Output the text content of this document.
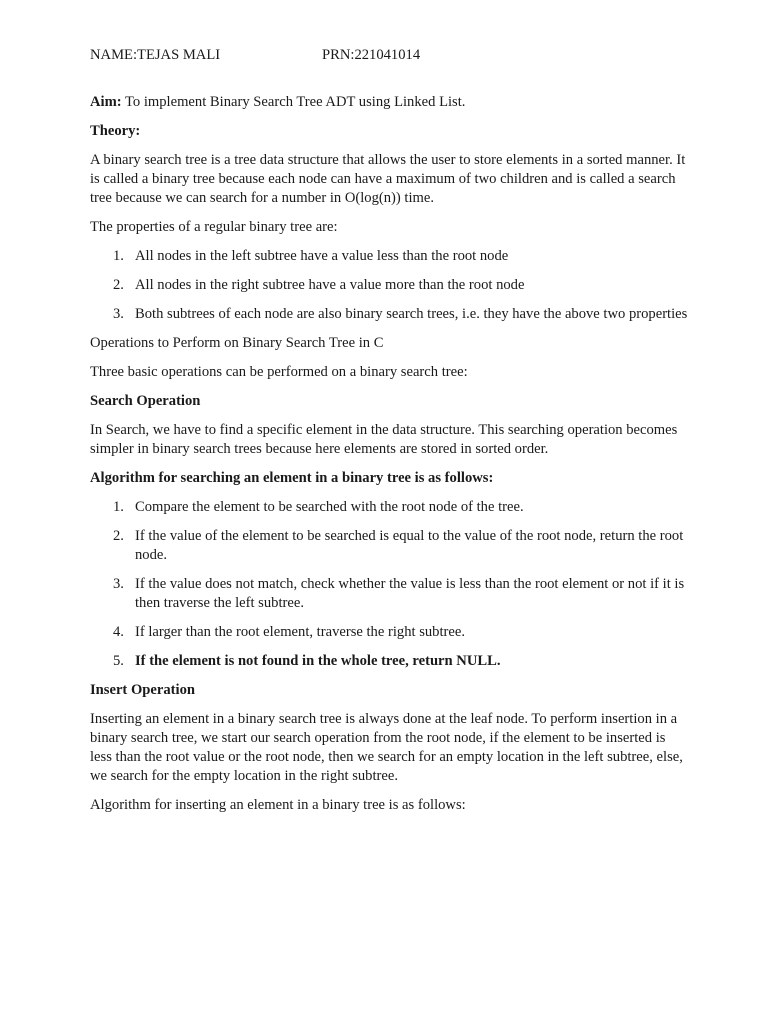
NAME:TEJAS MALI	PRN:221041014

Aim: To implement Binary Search Tree ADT using Linked List.

Theory:

A binary search tree is a tree data structure that allows the user to store elements in a sorted manner. It is called a binary tree because each node can have a maximum of two children and is called a search tree because we can search for a number in O(log(n)) time.

The properties of a regular binary tree are:

1. All nodes in the left subtree have a value less than the root node
2. All nodes in the right subtree have a value more than the root node
3. Both subtrees of each node are also binary search trees, i.e. they have the above two properties

Operations to Perform on Binary Search Tree in C

Three basic operations can be performed on a binary search tree:

Search Operation

In Search, we have to find a specific element in the data structure. This searching operation becomes simpler in binary search trees because here elements are stored in sorted order.

Algorithm for searching an element in a binary tree is as follows:

1. Compare the element to be searched with the root node of the tree.
2. If the value of the element to be searched is equal to the value of the root node, return the root node.
3. If the value does not match, check whether the value is less than the root element or not if it is then traverse the left subtree.
4. If larger than the root element, traverse the right subtree.
5. If the element is not found in the whole tree, return NULL.

Insert Operation

Inserting an element in a binary search tree is always done at the leaf node. To perform insertion in a binary search tree, we start our search operation from the root node, if the element to be inserted is less than the root value or the root node, then we search for an empty location in the left subtree, else, we search for the empty location in the right subtree.

Algorithm for inserting an element in a binary tree is as follows:
